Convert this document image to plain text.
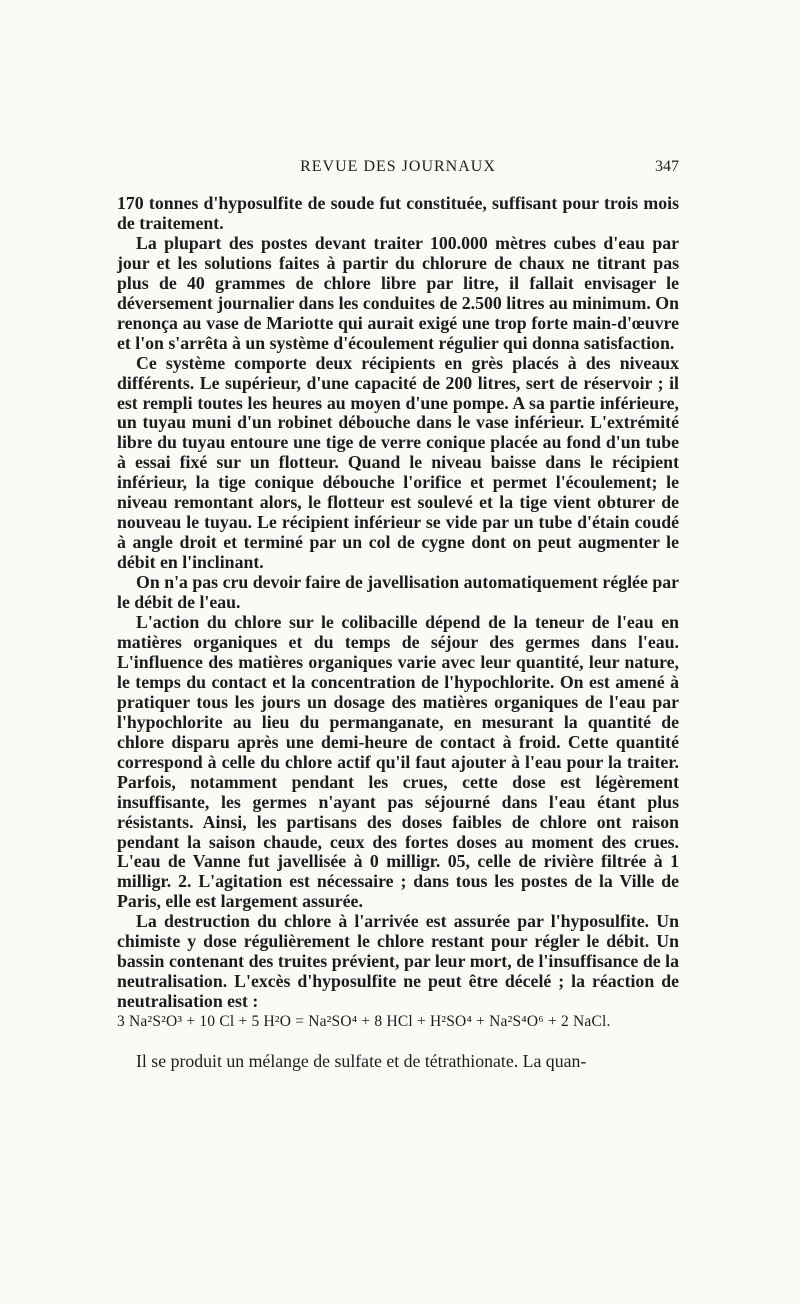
REVUE DES JOURNAUX	347

170 tonnes d'hyposulfite de soude fut constituée, suffisant pour trois mois de traitement.

La plupart des postes devant traiter 100.000 mètres cubes d'eau par jour et les solutions faites à partir du chlorure de chaux ne titrant pas plus de 40 grammes de chlore libre par litre, il fallait envisager le déversement journalier dans les conduites de 2.500 litres au minimum. On renonça au vase de Mariotte qui aurait exigé une trop forte main-d'œuvre et l'on s'arrêta à un système d'écoulement régulier qui donna satisfaction.

Ce système comporte deux récipients en grès placés à des niveaux différents. Le supérieur, d'une capacité de 200 litres, sert de réservoir ; il est rempli toutes les heures au moyen d'une pompe. A sa partie inférieure, un tuyau muni d'un robinet débouche dans le vase inférieur. L'extrémité libre du tuyau entoure une tige de verre conique placée au fond d'un tube à essai fixé sur un flotteur. Quand le niveau baisse dans le récipient inférieur, la tige conique débouche l'orifice et permet l'écoulement; le niveau remontant alors, le flotteur est soulevé et la tige vient obturer de nouveau le tuyau. Le récipient inférieur se vide par un tube d'étain coudé à angle droit et terminé par un col de cygne dont on peut augmenter le débit en l'inclinant.

On n'a pas cru devoir faire de javellisation automatiquement réglée par le débit de l'eau.

L'action du chlore sur le colibacille dépend de la teneur de l'eau en matières organiques et du temps de séjour des germes dans l'eau. L'influence des matières organiques varie avec leur quantité, leur nature, le temps du contact et la concentration de l'hypochlorite. On est amené à pratiquer tous les jours un dosage des matières organiques de l'eau par l'hypochlorite au lieu du permanganate, en mesurant la quantité de chlore disparu après une demi-heure de contact à froid. Cette quantité correspond à celle du chlore actif qu'il faut ajouter à l'eau pour la traiter. Parfois, notamment pendant les crues, cette dose est légèrement insuffisante, les germes n'ayant pas séjourné dans l'eau étant plus résistants. Ainsi, les partisans des doses faibles de chlore ont raison pendant la saison chaude, ceux des fortes doses au moment des crues. L'eau de Vanne fut javellisée à 0 milligr. 05, celle de rivière filtrée à 1 milligr. 2. L'agitation est nécessaire ; dans tous les postes de la Ville de Paris, elle est largement assurée.

La destruction du chlore à l'arrivée est assurée par l'hyposulfite. Un chimiste y dose régulièrement le chlore restant pour régler le débit. Un bassin contenant des truites prévient, par leur mort, de l'insuffisance de la neutralisation. L'excès d'hyposulfite ne peut être décelé ; la réaction de neutralisation est :

3 Na²S²O³ + 10 Cl + 5 H²O = Na²SO⁴ + 8 HCl + H²SO⁴ + Na²S⁴O⁶ + 2 NaCl.

Il se produit un mélange de sulfate et de tétrathionate. La quan-
